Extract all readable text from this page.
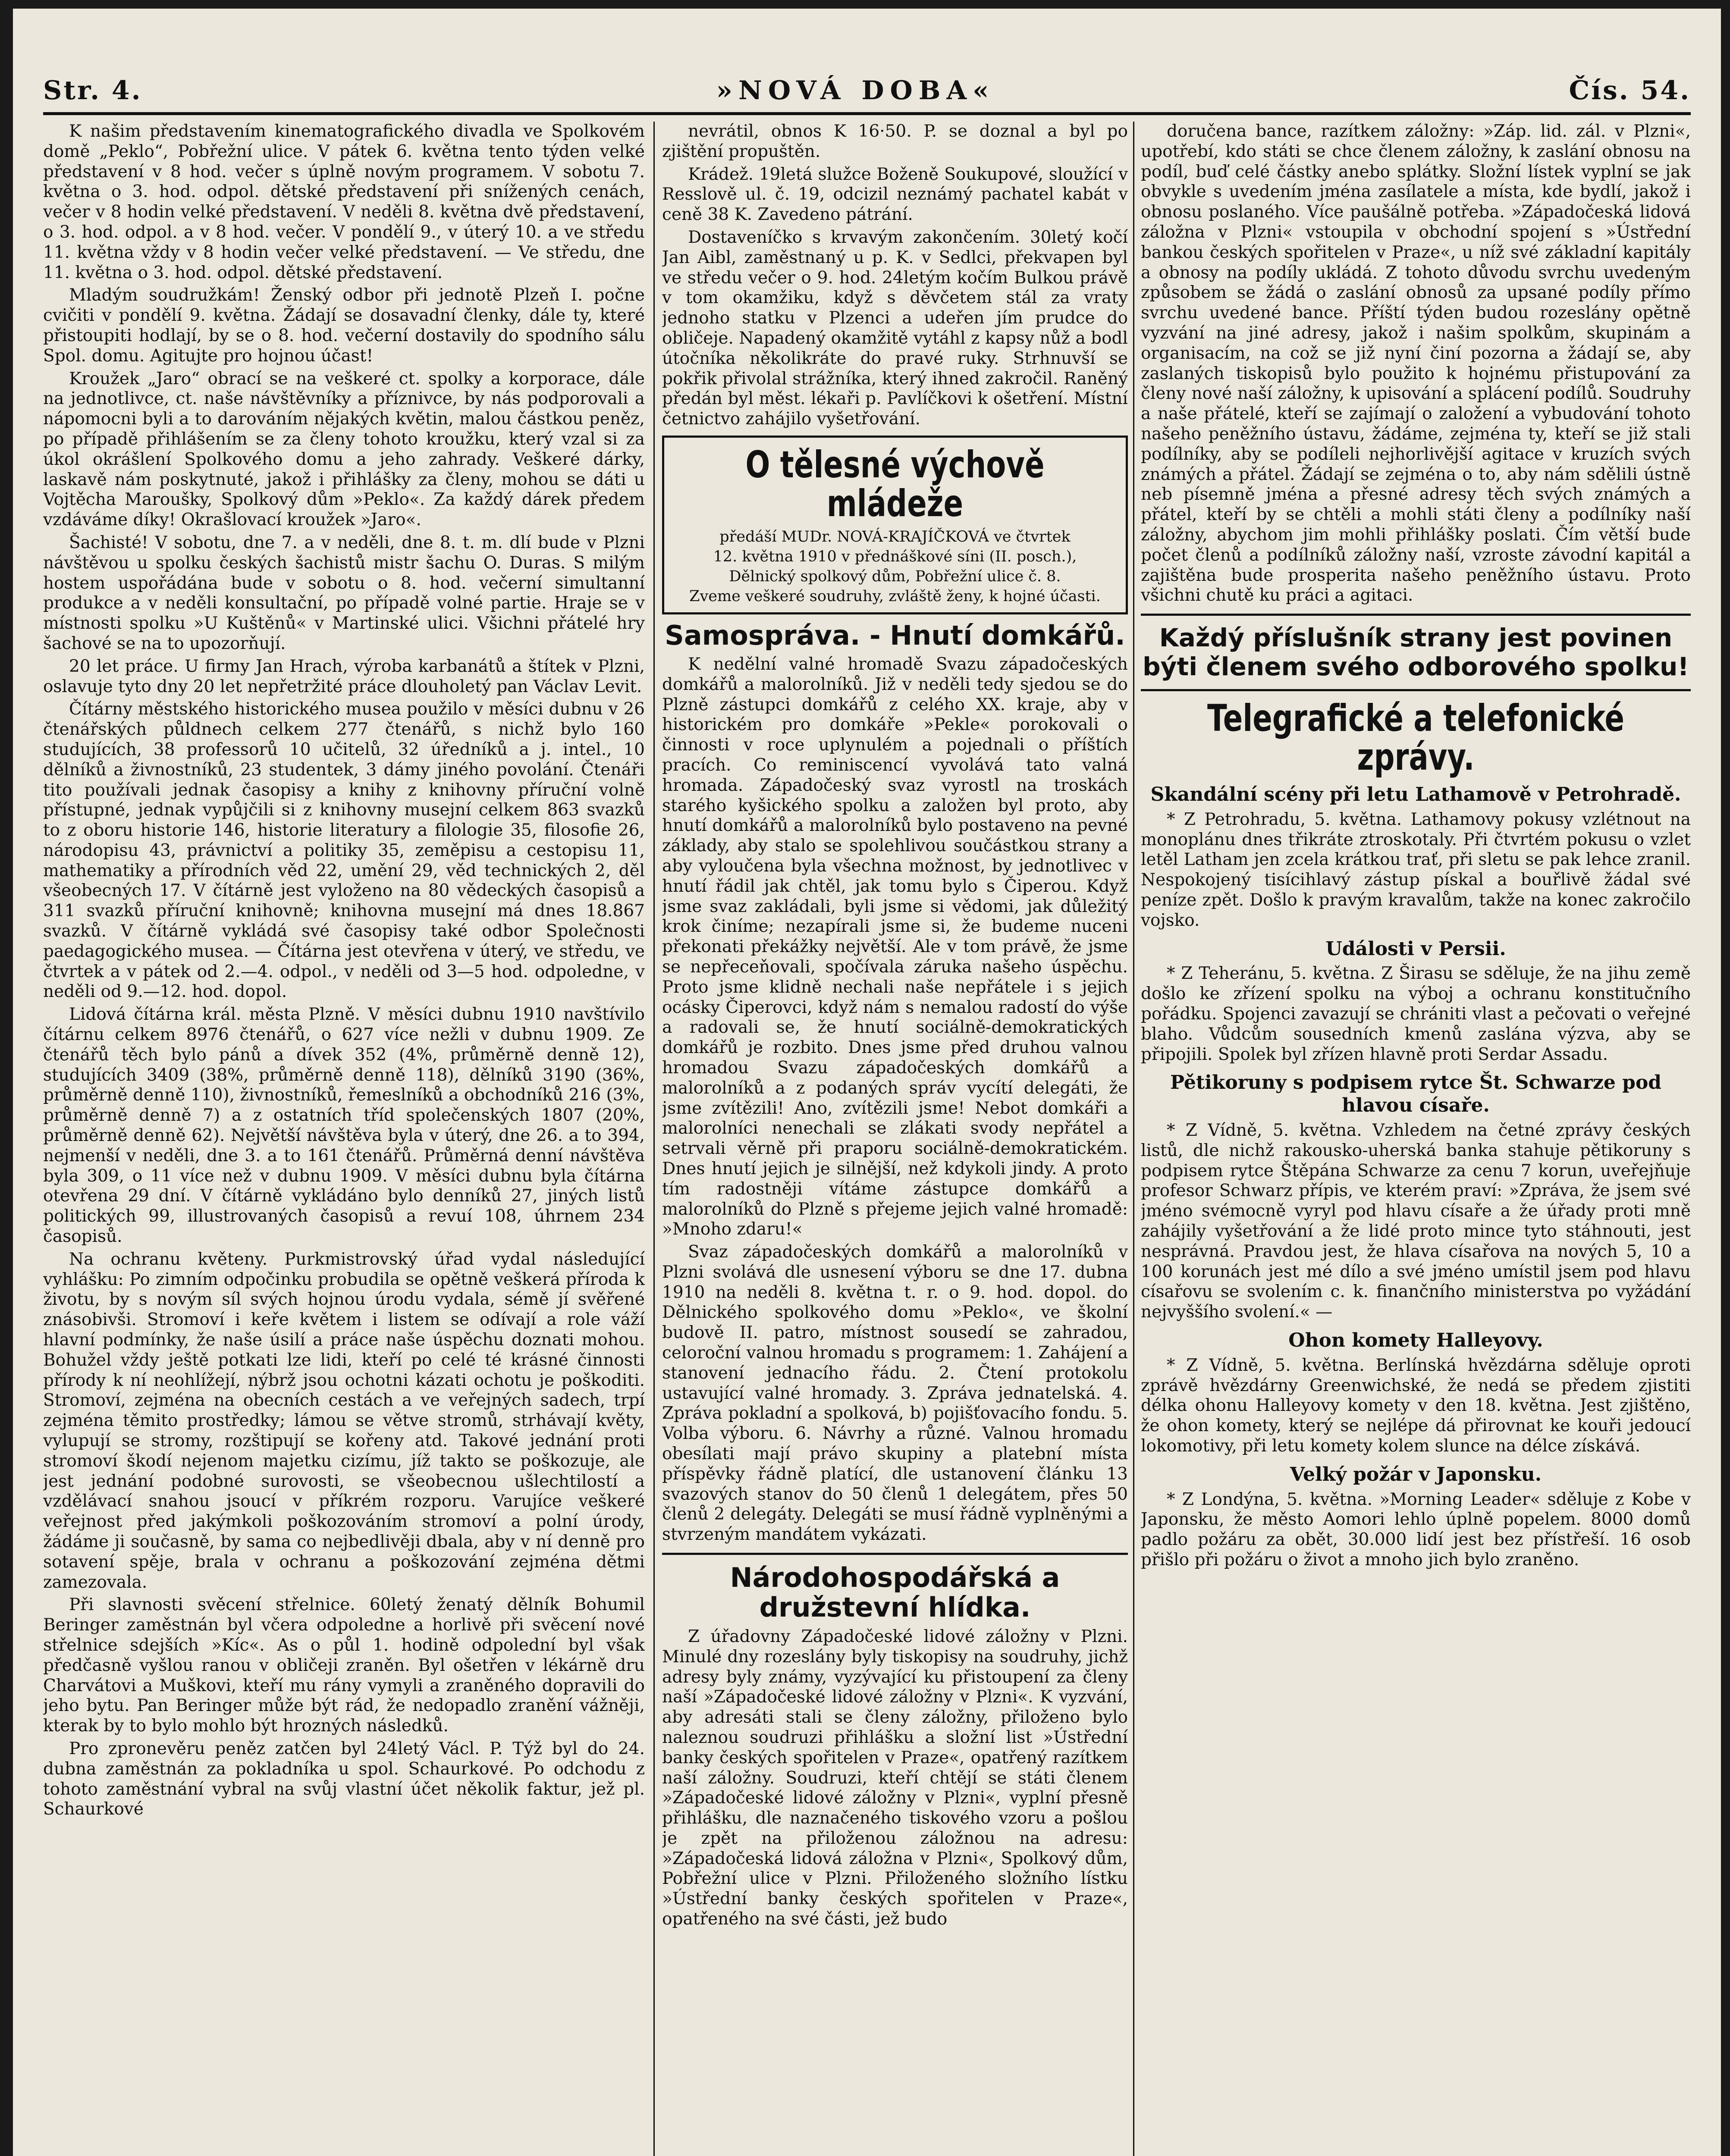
Str. 4.	»NOVÁ DOBA«	Čís. 54.

K našim představením kinematografického divadla ve Spolkovém domě „Peklo“, Pobřežní ulice. V pátek 6. května tento týden velké představení v 8 hod. večer s úplně novým programem. V sobotu 7. května o 3. hod. odpol. dětské představení při snížených cenách, večer v 8 hodin velké představení. V neděli 8. května dvě představení, o 3. hod. odpol. a v 8 hod. večer. V pondělí 9., v úterý 10. a ve středu 11. května vždy v 8 hodin večer velké představení. — Ve středu, dne 11. května o 3. hod. odpol. dětské představení.

Mladým soudružkám! Ženský odbor při jednotě Plzeň I. počne cvičiti v pondělí 9. května. Žádají se dosavadní členky, dále ty, které přistoupiti hodlají, by se o 8. hod. večerní dostavily do spodního sálu Spol. domu. Agitujte pro hojnou účast!

Kroužek „Jaro“ obrací se na veškeré ct. spolky a korporace, dále na jednotlivce, ct. naše návštěvníky a příznivce, by nás podporovali a nápomocni byli a to darováním nějakých květin, malou částkou peněz, po případě přihlášením se za členy tohoto kroužku, který vzal si za úkol okrášlení Spolkového domu a jeho zahrady. Veškeré dárky, laskavě nám poskytnuté, jakož i přihlášky za členy, mohou se dáti u Vojtěcha Maroušky, Spolkový dům »Peklo«. Za každý dárek předem vzdáváme díky! Okrašlovací kroužek »Jaro«.

Šachisté! V sobotu, dne 7. a v neděli, dne 8. t. m. dlí bude v Plzni návštěvou u spolku českých šachistů mistr šachu O. Duras. S milým hostem uspořádána bude v sobotu o 8. hod. večerní simultanní produkce a v neděli konsultační, po případě volné partie. Hraje se v místnosti spolku »U Kuštěnů« v Martinské ulici. Všichni přátelé hry šachové se na to upozorňují.

20 let práce. U firmy Jan Hrach, výroba karbanátů a štítek v Plzni, oslavuje tyto dny 20 let nepřetržité práce dlouholetý pan Václav Levit.

Čítárny městského historického musea použilo v měsíci dubnu v 26 čtenářských půldnech celkem 277 čtenářů, s nichž bylo 160 studujících, 38 professorů 10 učitelů, 32 úředníků a j. intel., 10 dělníků a živnostníků, 23 studentek, 3 dámy jiného povolání. Čtenáři tito používali jednak časopisy a knihy z knihovny příruční volně přístupné, jednak vypůjčili si z knihovny musejní celkem 863 svazků to z oboru historie 146, historie literatury a filologie 35, filosofie 26, národopisu 43, právnictví a politiky 35, zeměpisu a cestopisu 11, mathematiky a přírodních věd 22, umění 29, věd technických 2, děl všeobecných 17. V čítárně jest vyloženo na 80 vědeckých časopisů a 311 svazků příruční knihovně; knihovna musejní má dnes 18.867 svazků. V čítárně vykládá své časopisy také odbor Společnosti paedagogického musea. — Čítárna jest otevřena v úterý, ve středu, ve čtvrtek a v pátek od 2.—4. odpol., v neděli od 3—5 hod. odpoledne, v neděli od 9.—12. hod. dopol.

Lidová čítárna král. města Plzně. V měsíci dubnu 1910 navštívilo čítárnu celkem 8976 čtenářů, o 627 více nežli v dubnu 1909. Ze čtenářů těch bylo pánů a dívek 352 (4%, průměrně denně 12), studujících 3409 (38%, průměrně denně 118), dělníků 3190 (36%, průměrně denně 110), živnostníků, řemeslníků a obchodníků 216 (3%, průměrně denně 7) a z ostatních tříd společenských 1807 (20%, průměrně denně 62). Největší návštěva byla v úterý, dne 26. a to 394, nejmenší v neděli, dne 3. a to 161 čtenářů. Průměrná denní návštěva byla 309, o 11 více než v dubnu 1909. V měsíci dubnu byla čítárna otevřena 29 dní. V čítárně vykládáno bylo denníků 27, jiných listů politických 99, illustrovaných časopisů a revuí 108, úhrnem 234 časopisů.

Na ochranu květeny. Purkmistrovský úřad vydal následující vyhlášku: Po zimním odpočinku probudila se opětně veškerá příroda k životu, by s novým síl svých hojnou úrodu vydala, sémě jí svěřené znásobivši. Stromoví i keře květem i listem se odívají a role váží hlavní podmínky, že naše úsilí a práce naše úspěchu doznati mohou. Bohužel vždy ještě potkati lze lidi, kteří po celé té krásné činnosti přírody k ní neohlížejí, nýbrž jsou ochotni kázati ochotu je poškoditi. Stromoví, zejména na obecních cestách a ve veřejných sadech, trpí zejména těmito prostředky; lámou se větve stromů, strhávají květy, vylupují se stromy, rozštipují se kořeny atd. Takové jednání proti stromoví škodí nejenom majetku cizímu, jíž takto se poškozuje, ale jest jednání podobné surovosti, se všeobecnou ušlechtilostí a vzdělávací snahou jsoucí v příkrém rozporu. Varujíce veškeré veřejnost před jakýmkoli poškozováním stromoví a polní úrody, žádáme ji současně, by sama co nejbedlivěji dbala, aby v ní denně pro sotavení spěje, brala v ochranu a poškozování zejména dětmi zamezovala.

Při slavnosti svěcení střelnice. 60letý ženatý dělník Bohumil Beringer zaměstnán byl včera odpoledne a horlivě při svěcení nové střelnice sdejších »Kíc«. As o půl 1. hodině odpolední byl však předčasně vyšlou ranou v obličeji zraněn. Byl ošetřen v lékárně dru Charvátovi a Muškovi, kteří mu rány vymyli a zraněného dopravili do jeho bytu. Pan Beringer může být rád, že nedopadlo zranění vážněji, kterak by to bylo mohlo být hrozných následků.

Pro zpronevěru peněz zatčen byl 24letý Václ. P. Týž byl do 24. dubna zaměstnán za pokladníka u spol. Schaurkové. Po odchodu z tohoto zaměstnání vybral na svůj vlastní účet několik faktur, jež pl. Schaurkové

nevrátil, obnos K 16·50. P. se doznal a byl po zjištění propuštěn.

Krádež. 19letá služce Boženě Soukupové, sloužící v Resslově ul. č. 19, odcizil neznámý pachatel kabát v ceně 38 K. Zavedeno pátrání.

Dostaveníčko s krvavým zakončením. 30letý kočí Jan Aibl, zaměstnaný u p. K. v Sedlci, překvapen byl ve středu večer o 9. hod. 24letým kočím Bulkou právě v tom okamžiku, když s děvčetem stál za vraty jednoho statku v Plzenci a udeřen jím prudce do obličeje. Napadený okamžitě vytáhl z kapsy nůž a bodl útočníka několikráte do pravé ruky. Strhnuvší se pokřik přivolal strážníka, který ihned zakročil. Raněný předán byl měst. lékaři p. Pavlíčkovi k ošetření. Místní četnictvo zahájilo vyšetřování.

O tělesné výchově mládeže
předáší MUDr. NOVÁ-KRAJÍČKOVÁ ve čtvrtek
12. května 1910 v přednáškové síni (II. posch.),
Dělnický spolkový dům, Pobřežní ulice č. 8.
Zveme veškeré soudruhy, zvláště ženy, k hojné účasti.
Samospráva. - Hnutí domkářů.

K nedělní valné hromadě Svazu západočeských domkářů a malorolníků. Již v neděli tedy sjedou se do Plzně zástupci domkářů z celého XX. kraje, aby v historickém pro domkáře »Pekle« porokovali o činnosti v roce uplynulém a pojednali o příštích pracích. Co reminiscencí vyvolává tato valná hromada. Západočeský svaz vyrostl na troskách starého kyšického spolku a založen byl proto, aby hnutí domkářů a malorolníků bylo postaveno na pevné základy, aby stalo se spolehlivou součástkou strany a aby vyloučena byla všechna možnost, by jednotlivec v hnutí řádil jak chtěl, jak tomu bylo s Čiperou. Když jsme svaz zakládali, byli jsme si vědomi, jak důležitý krok činíme; nezapírali jsme si, že budeme nuceni překonati překážky největší. Ale v tom právě, že jsme se nepřeceňovali, spočívala záruka našeho úspěchu. Proto jsme klidně nechali naše nepřátele i s jejich ocásky Čiperovci, když nám s nemalou radostí do výše a radovali se, že hnutí sociálně-demokratických domkářů je rozbito. Dnes jsme před druhou valnou hromadou Svazu západočeských domkářů a malorolníků a z podaných správ vycítí delegáti, že jsme zvítězili! Ano, zvítězili jsme! Nebot domkáři a malorolníci nenechali se zlákati svody nepřátel a setrvali věrně při praporu sociálně-demokratickém. Dnes hnutí jejich je silnější, než kdykoli jindy. A proto tím radostněji vítáme zástupce domkářů a malorolníků do Plzně s přejeme jejich valné hromadě: »Mnoho zdaru!«

Svaz západočeských domkářů a malorolníků v Plzni svolává dle usnesení výboru se dne 17. dubna 1910 na neděli 8. května t. r. o 9. hod. dopol. do Dělnického spolkového domu »Peklo«, ve školní budově II. patro, místnost sousedí se zahradou, celoroční valnou hromadu s programem: 1. Zahájení a stanovení jednacího řádu. 2. Čtení protokolu ustavující valné hromady. 3. Zpráva jednatelská. 4. Zpráva pokladní a spolková, b) pojišťovacího fondu. 5. Volba výboru. 6. Návrhy a různé. Valnou hromadu obesílati mají právo skupiny a platební místa příspěvky řádně platící, dle ustanovení článku 13 svazových stanov do 50 členů 1 delegátem, přes 50 členů 2 delegáty. Delegáti se musí řádně vyplněnými a stvrzeným mandátem vykázati.

Národohospodářská a družstevní hlídka.

Z úřadovny Západočeské lidové záložny v Plzni. Minulé dny rozeslány byly tiskopisy na soudruhy, jichž adresy byly známy, vyzývající ku přistoupení za členy naší »Západočeské lidové záložny v Plzni«. K vyzvání, aby adresáti stali se členy záložny, přiloženo bylo naleznou soudruzi přihlášku a složní list »Ústřední banky českých spořitelen v Praze«, opatřený razítkem naší záložny. Soudruzi, kteří chtějí se státi členem »Západočeské lidové záložny v Plzni«, vyplní přesně přihlášku, dle naznačeného tiskového vzoru a pošlou je zpět na přiloženou záložnou na adresu: »Západočeská lidová záložna v Plzni«, Spolkový dům, Pobřežní ulice v Plzni. Přiloženého složního lístku »Ústřední banky českých spořitelen v Praze«, opatřeného na své části, jež budo

doručena bance, razítkem záložny: »Záp. lid. zál. v Plzni«, upotřebí, kdo státi se chce členem záložny, k zaslání obnosu na podíl, buď celé částky anebo splátky. Složní lístek vyplní se jak obvykle s uvedením jména zasílatele a místa, kde bydlí, jakož i obnosu poslaného. Více paušálně potřeba. »Západočeská lidová záložna v Plzni« vstoupila v obchodní spojení s »Ústřední bankou českých spořitelen v Praze«, u níž své základní kapitály a obnosy na podíly ukládá. Z tohoto důvodu svrchu uvedeným způsobem se žádá o zaslání obnosů za upsané podíly přímo svrchu uvedené bance. Příští týden budou rozeslány opětně vyzvání na jiné adresy, jakož i našim spolkům, skupinám a organisacím, na což se již nyní činí pozorna a žádají se, aby zaslaných tiskopisů bylo použito k hojnému přistupování za členy nové naší záložny, k upisování a splácení podílů. Soudruhy a naše přátelé, kteří se zajímají o založení a vybudování tohoto našeho peněžního ústavu, žádáme, zejména ty, kteří se již stali podílníky, aby se podíleli nejhorlivější agitace v kruzích svých známých a přátel. Žádají se zejména o to, aby nám sdělili ústně neb písemně jména a přesné adresy těch svých známých a přátel, kteří by se chtěli a mohli státi členy a podílníky naší záložny, abychom jim mohli přihlášky poslati. Čím větší bude počet členů a podílníků záložny naší, vzroste závodní kapitál a zajištěna bude prosperita našeho peněžního ústavu. Proto všichni chutě ku práci a agitaci.

Každý příslušník strany jest povinen býti členem svého odborového spolku!
Telegrafické a telefonické zprávy.
Skandální scény při letu Lathamově v Petrohradě.

* Z Petrohradu, 5. května. Lathamovy pokusy vzlétnout na monoplánu dnes třikráte ztroskotaly. Při čtvrtém pokusu o vzlet letěl Latham jen zcela krátkou trať, při sletu se pak lehce zranil. Nespokojený tisícihlavý zástup pískal a bouřlivě žádal své peníze zpět. Došlo k pravým kravalům, takže na konec zakročilo vojsko.

Události v Persii.

* Z Teheránu, 5. května. Z Širasu se sděluje, že na jihu země došlo ke zřízení spolku na výboj a ochranu konstitučního pořádku. Spojenci zavazují se chrániti vlast a pečovati o veřejné blaho. Vůdcům sousedních kmenů zaslána výzva, aby se připojili. Spolek byl zřízen hlavně proti Serdar Assadu.

Pětikoruny s podpisem rytce Št. Schwarze pod hlavou císaře.

* Z Vídně, 5. května. Vzhledem na četné zprávy českých listů, dle nichž rakousko-uherská banka stahuje pětikoruny s podpisem rytce Štěpána Schwarze za cenu 7 korun, uveřejňuje profesor Schwarz přípis, ve kterém praví: »Zpráva, že jsem své jméno svémocně vyryl pod hlavu císaře a že úřady proti mně zahájily vyšetřování a že lidé proto mince tyto stáhnouti, jest nesprávná. Pravdou jest, že hlava císařova na nových 5, 10 a 100 korunách jest mé dílo a své jméno umístil jsem pod hlavu císařovu se svolením c. k. finančního ministerstva po vyžádání nejvyššího svolení.« —

Ohon komety Halleyovy.

* Z Vídně, 5. května. Berlínská hvězdárna sděluje oproti zprávě hvězdárny Greenwichské, že nedá se předem zjistiti délka ohonu Halleyovy komety v den 18. května. Jest zjištěno, že ohon komety, který se nejlépe dá přirovnat ke kouři jedoucí lokomotivy, při letu komety kolem slunce na délce získává.

Velký požár v Japonsku.

* Z Londýna, 5. května. »Morning Leader« sděluje z Kobe v Japonsku, že město Aomori lehlo úplně popelem. 8000 domů padlo požáru za obět, 30.000 lidí jest bez přístřeší. 16 osob přišlo při požáru o život a mnoho jich bylo zraněno.
